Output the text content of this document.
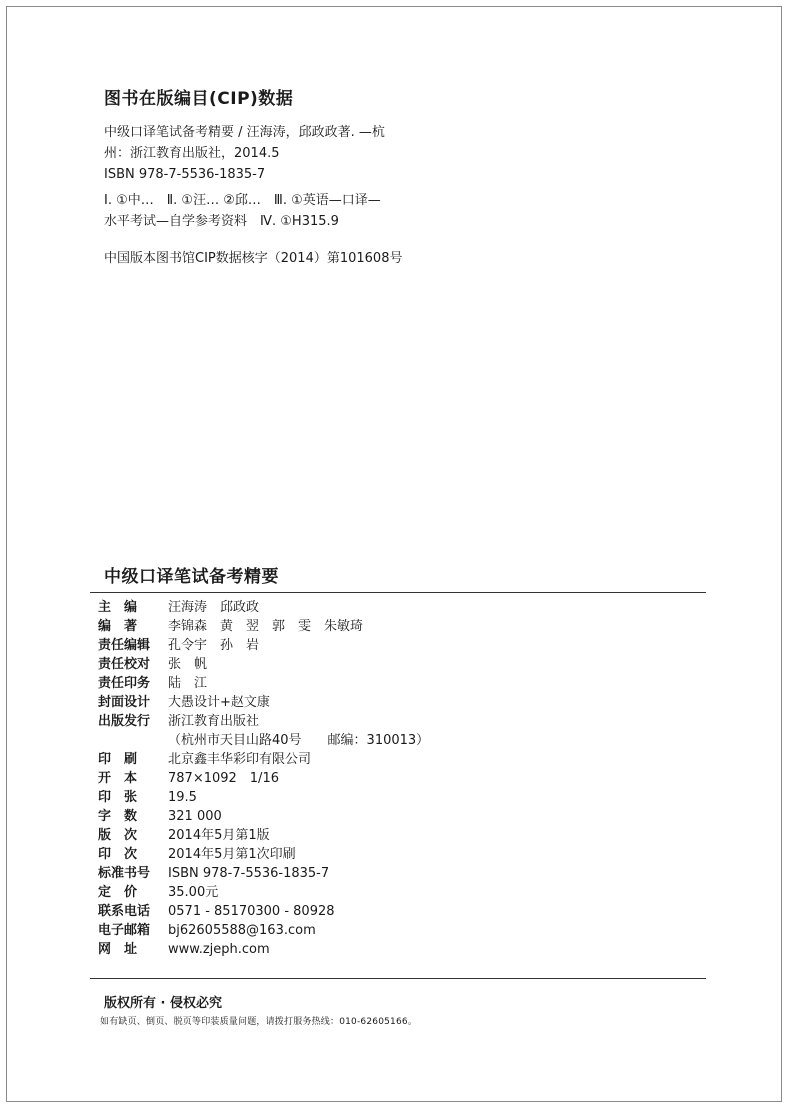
图书在版编目(CIP)数据
中级口译笔试备考精要 / 汪海涛，邱政政著. —杭
州：浙江教育出版社，2014.5
ISBN 978-7-5536-1835-7
Ⅰ. ①中…　Ⅱ. ①汪… ②邱…　Ⅲ. ①英语—口译—
水平考试—自学参考资料　Ⅳ. ①H315.9
中国版本图书馆CIP数据核字（2014）第101608号
中级口译笔试备考精要
主　编	汪海涛　邱政政
编　著	李锦森　黄　翌　郭　雯　朱敏琦
责任编辑	孔令宇　孙　岩
责任校对	张　帆
责任印务	陆　江
封面设计	大愚设计+赵文康
出版发行	浙江教育出版社
（杭州市天目山路40号　　邮编：310013）
印　刷	北京鑫丰华彩印有限公司
开　本	787×1092　1/16
印　张	19.5
字　数	321 000
版　次	2014年5月第1版
印　次	2014年5月第1次印刷
标准书号	ISBN 978-7-5536-1835-7
定　价	35.00元
联系电话	0571 - 85170300 - 80928
电子邮箱	bj62605588@163.com
网　址	www.zjeph.com
版权所有 · 侵权必究
如有缺页、倒页、脱页等印装质量问题，请拨打服务热线：010-62605166。
